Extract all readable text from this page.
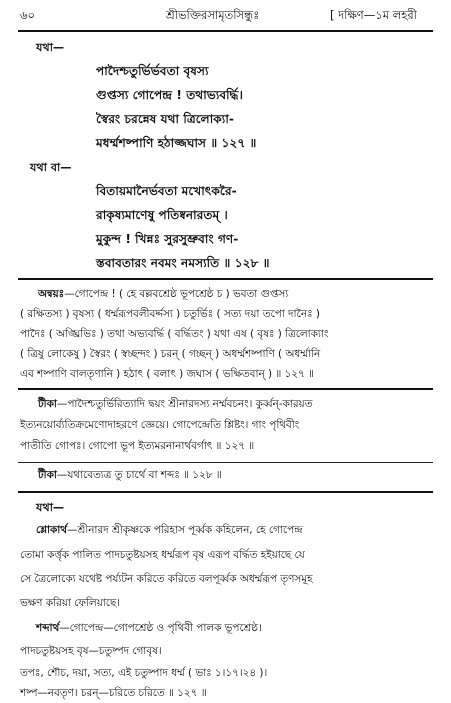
৬০	শ্রীভক্তিরসামৃতসিন্ধুঃ	[ দক্ষিণ—১ম লহরী
যথা—
পাদৈশ্চতুর্ভির্ভবতা বৃষস্য
গুপ্তস্য গোপেন্দ্র ! তথাভ্যবর্দ্ধি।
স্বৈরং চরন্নেষ যথা ত্রিলোক্যা-
মধর্ম্মশষ্পাণি হঠাজ্জঘাস ॥ ১২৭ ॥
যথা বা—
বিতায়মানৈর্ভবতা মখোৎকরৈ-
রাকৃষ্যমাণেষু পতিষ্বনারতম্ ।
মুকুন্দ ! খিন্নঃ সুরসুভ্রুবাং গণ-
স্তবাবতারং নবমং নমস্যতি ॥ ১২৮ ॥
অন্বয়ঃ—গোপেন্দ্র ! ( হে বল্লবশ্রেষ্ঠ ভূপশ্রেষ্ঠ চ ) ভবতা গুপ্তস্য
( রক্ষিতস্য ) বৃষস্য ( ধর্ম্মরূপবলীবর্দ্দস্য ) চতুর্ভিঃ ( সত্য দয়া তপো দানৈঃ )
পাদৈঃ ( অঙ্ঘ্রিভিঃ ) তথা অভ্যবর্দ্ধি ( বর্দ্ধিতং ) যথা এষ ( বৃষঃ ) ত্রিলোক্যাং
( ত্রিষু লোকেষু ) স্বৈরং ( স্বচ্ছন্দং ) চরন্ ( গচ্ছন্ ) অধর্ম্মশষ্পাণি ( অধর্ম্মানি
এব শষ্পাণি বালতৃণানি ) হঠাৎ ( বলাৎ ) জঘাস ( ভক্ষিতবান্ ) ॥ ১২৭ ॥
টীকা—পাদৈশ্চতুর্ভিরিত্যাদি দ্বয়ং শ্রীনারদস্য নর্ম্মবচনং। কুর্ব্বন্-কারয়ত
ইত্যনয়োর্ব্যতিক্রমেণোদাহরণে জ্ঞেয়ে। গোপেন্দ্রেতি শ্লিষ্টং। গাং পৃথিবীং
পাতীতি গোপঃ। গোপো ভূপ ইত্যমরনানার্থবর্গাৎ ॥ ১২৭ ॥
টীকা—যথাবেত্যত্র তু চার্থে বা শব্দঃ ॥ ১২৮ ॥
যথা—
শ্লোকার্থ—শ্রীনারদ শ্রীকৃষ্ণকে পরিহাস পূর্ব্বক কহিলেন, হে গোপেন্দ্র
তোমা কর্ত্তৃক পালিত পাদচতুষ্টয়সহ ধর্ম্মরূপ বৃষ এরূপ বর্দ্ধিত হইয়াছে যে
সে ত্রৈলোক্যে যথেষ্ট পর্য্যটন করিতে করিতে বলপূর্ব্বক অধর্ম্মরূপ তৃণসমূহ
ভক্ষণ করিয়া ফেলিয়াছে।
শব্দার্থ—গোপেন্দ্র—গোপশ্রেষ্ঠ ও পৃথিবী পালক ভূপশ্রেষ্ঠ।
পাদচতুষ্টয়সহ বৃষ—চতুষ্পদ গোবৃষ।
তপঃ, শৌচ, দয়া, সত্য, এই চতুষ্পাদ ধর্ম্ম ( ভাঃ ১।১৭।২৪ )।
শষ্প—নবতৃণ। চরন্—চরিতে চরিতে ॥ ১২৭ ॥
